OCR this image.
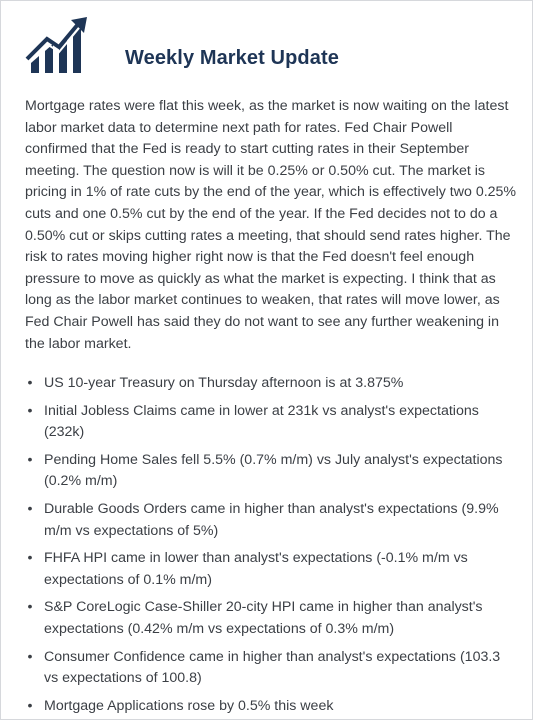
Weekly Market Update

Mortgage rates were flat this week, as the market is now waiting on the latest labor market data to determine next path for rates. Fed Chair Powell confirmed that the Fed is ready to start cutting rates in their September meeting. The question now is will it be 0.25% or 0.50% cut. The market is pricing in 1% of rate cuts by the end of the year, which is effectively two 0.25% cuts and one 0.5% cut by the end of the year. If the Fed decides not to do a 0.50% cut or skips cutting rates a meeting, that should send rates higher. The risk to rates moving higher right now is that the Fed doesn't feel enough pressure to move as quickly as what the market is expecting. I think that as long as the labor market continues to weaken, that rates will move lower, as Fed Chair Powell has said they do not want to see any further weakening in the labor market.

• US 10-year Treasury on Thursday afternoon is at 3.875%
• Initial Jobless Claims came in lower at 231k vs analyst's expectations (232k)
• Pending Home Sales fell 5.5% (0.7% m/m) vs July analyst's expectations (0.2% m/m)
• Durable Goods Orders came in higher than analyst's expectations (9.9% m/m vs expectations of 5%)
• FHFA HPI came in lower than analyst's expectations (-0.1% m/m vs expectations of 0.1% m/m)
• S&P CoreLogic Case-Shiller 20-city HPI came in higher than analyst's expectations (0.42% m/m vs expectations of 0.3% m/m)
• Consumer Confidence came in higher than analyst's expectations (103.3 vs expectations of 100.8)
• Mortgage Applications rose by 0.5% this week
